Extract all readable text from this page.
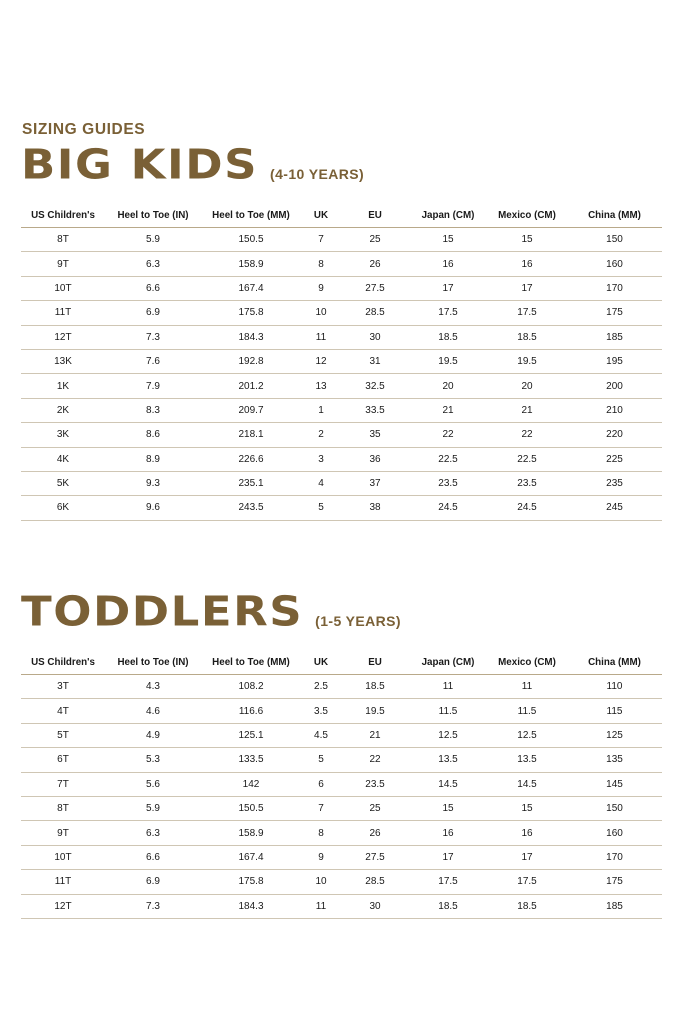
SIZING GUIDES
BIG KIDS (4-10 YEARS)
US Children's	Heel to Toe (IN)	Heel to Toe (MM)	UK	EU	Japan (CM)	Mexico (CM)	China (MM)
8T	5.9	150.5	7	25	15	15	150
9T	6.3	158.9	8	26	16	16	160
10T	6.6	167.4	9	27.5	17	17	170
11T	6.9	175.8	10	28.5	17.5	17.5	175
12T	7.3	184.3	11	30	18.5	18.5	185
13K	7.6	192.8	12	31	19.5	19.5	195
1K	7.9	201.2	13	32.5	20	20	200
2K	8.3	209.7	1	33.5	21	21	210
3K	8.6	218.1	2	35	22	22	220
4K	8.9	226.6	3	36	22.5	22.5	225
5K	9.3	235.1	4	37	23.5	23.5	235
6K	9.6	243.5	5	38	24.5	24.5	245
TODDLERS (1-5 YEARS)
US Children's	Heel to Toe (IN)	Heel to Toe (MM)	UK	EU	Japan (CM)	Mexico (CM)	China (MM)
3T	4.3	108.2	2.5	18.5	11	11	110
4T	4.6	116.6	3.5	19.5	11.5	11.5	115
5T	4.9	125.1	4.5	21	12.5	12.5	125
6T	5.3	133.5	5	22	13.5	13.5	135
7T	5.6	142	6	23.5	14.5	14.5	145
8T	5.9	150.5	7	25	15	15	150
9T	6.3	158.9	8	26	16	16	160
10T	6.6	167.4	9	27.5	17	17	170
11T	6.9	175.8	10	28.5	17.5	17.5	175
12T	7.3	184.3	11	30	18.5	18.5	185
